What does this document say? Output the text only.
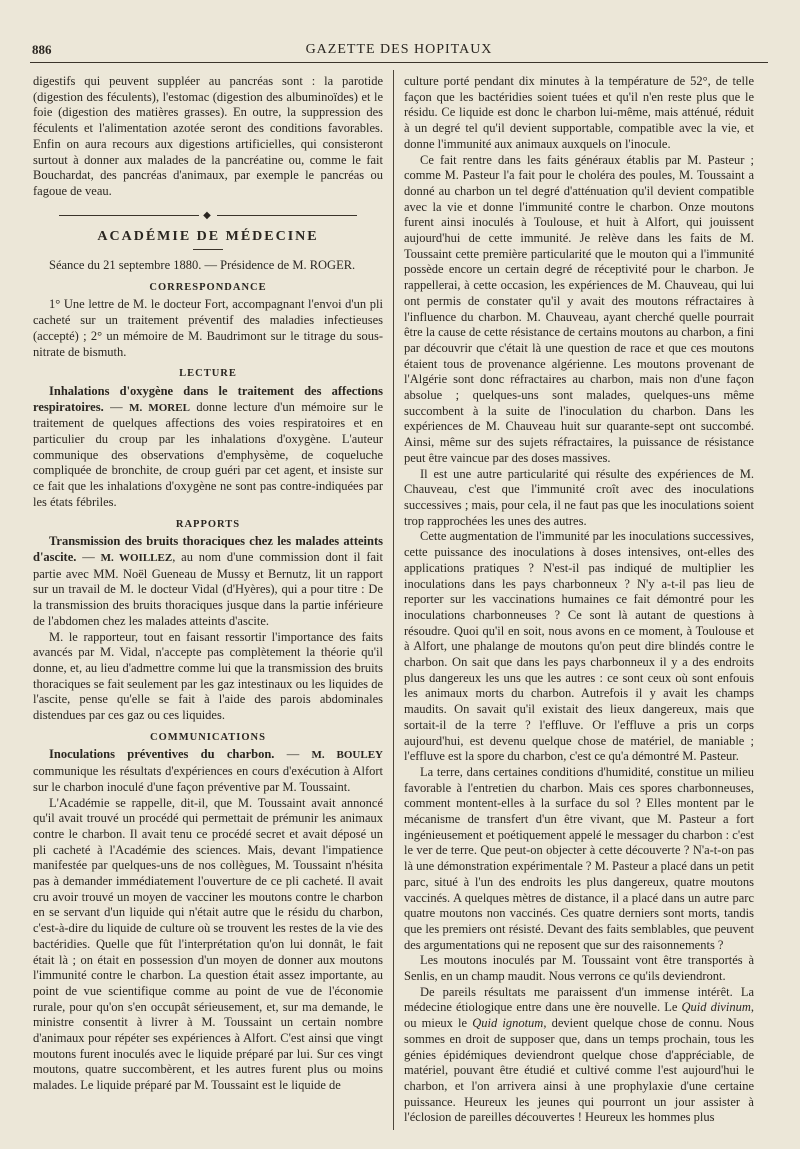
886	GAZETTE DES HOPITAUX

digestifs qui peuvent suppléer au pancréas sont : la parotide (digestion des féculents), l'estomac (digestion des albuminoïdes) et le foie (digestion des matières grasses). En outre, la suppression des féculents et l'alimentation azotée seront des conditions favorables. Enfin on aura recours aux digestions artificielles, qui consisteront surtout à donner aux malades de la pancréatine ou, comme le fait Bouchardat, des pancréas d'animaux, par exemple le pancréas ou fagoue de veau.

◆
ACADÉMIE DE MÉDECINE

Séance du 21 septembre 1880. — Présidence de M. ROGER.

CORRESPONDANCE

1° Une lettre de M. le docteur Fort, accompagnant l'envoi d'un pli cacheté sur un traitement préventif des maladies infectieuses (accepté) ; 2° un mémoire de M. Baudrimont sur le titrage du sous-nitrate de bismuth.

LECTURE

Inhalations d'oxygène dans le traitement des affections respiratoires. — M. MOREL donne lecture d'un mémoire sur le traitement de quelques affections des voies respiratoires et en particulier du croup par les inhalations d'oxygène. L'auteur communique des observations d'emphysème, de coqueluche compliquée de bronchite, de croup guéri par cet agent, et insiste sur ce fait que les inhalations d'oxygène ne sont pas contre-indiquées par les états fébriles.

RAPPORTS

Transmission des bruits thoraciques chez les malades atteints d'ascite. — M. WOILLEZ, au nom d'une commission dont il fait partie avec MM. Noël Gueneau de Mussy et Bernutz, lit un rapport sur un travail de M. le docteur Vidal (d'Hyères), qui a pour titre : De la transmission des bruits thoraciques jusque dans la partie inférieure de l'abdomen chez les malades atteints d'ascite.

M. le rapporteur, tout en faisant ressortir l'importance des faits avancés par M. Vidal, n'accepte pas complètement la théorie qu'il donne, et, au lieu d'admettre comme lui que la transmission des bruits thoraciques se fait seulement par les gaz intestinaux ou les liquides de l'ascite, pense qu'elle se fait à l'aide des parois abdominales distendues par ces gaz ou ces liquides.

COMMUNICATIONS

Inoculations préventives du charbon. — M. BOULEY communique les résultats d'expériences en cours d'exécution à Alfort sur le charbon inoculé d'une façon préventive par M. Toussaint.

L'Académie se rappelle, dit-il, que M. Toussaint avait annoncé qu'il avait trouvé un procédé qui permettait de prémunir les animaux contre le charbon. Il avait tenu ce procédé secret et avait déposé un pli cacheté à l'Académie des sciences. Mais, devant l'impatience manifestée par quelques-uns de nos collègues, M. Toussaint n'hésita pas à demander immédiatement l'ouverture de ce pli cacheté. Il avait cru avoir trouvé un moyen de vacciner les moutons contre le charbon en se servant d'un liquide qui n'était autre que le résidu du charbon, c'est-à-dire du liquide de culture où se trouvent les restes de la vie des bactéridies. Quelle que fût l'interprétation qu'on lui donnât, le fait était là ; on était en possession d'un moyen de donner aux moutons l'immunité contre le charbon. La question était assez importante, au point de vue scientifique comme au point de vue de l'économie rurale, pour qu'on s'en occupât sérieusement, et, sur ma demande, le ministre consentit à livrer à M. Toussaint un certain nombre d'animaux pour répéter ses expériences à Alfort. C'est ainsi que vingt moutons furent inoculés avec le liquide préparé par lui. Sur ces vingt moutons, quatre succombèrent, et les autres furent plus ou moins malades. Le liquide préparé par M. Toussaint est le liquide de

culture porté pendant dix minutes à la température de 52°, de telle façon que les bactéridies soient tuées et qu'il n'en reste plus que le résidu. Ce liquide est donc le charbon lui-même, mais atténué, réduit à un degré tel qu'il devient supportable, compatible avec la vie, et donne l'immunité aux animaux auxquels on l'inocule.

Ce fait rentre dans les faits généraux établis par M. Pasteur ; comme M. Pasteur l'a fait pour le choléra des poules, M. Toussaint a donné au charbon un tel degré d'atténuation qu'il devient compatible avec la vie et donne l'immunité contre le charbon. Onze moutons furent ainsi inoculés à Toulouse, et huit à Alfort, qui jouissent aujourd'hui de cette immunité. Je relève dans les faits de M. Toussaint cette première particularité que le mouton qui a l'immunité possède encore un certain degré de réceptivité pour le charbon. Je rappellerai, à cette occasion, les expériences de M. Chauveau, qui lui ont permis de constater qu'il y avait des moutons réfractaires à l'influence du charbon. M. Chauveau, ayant cherché quelle pourrait être la cause de cette résistance de certains moutons au charbon, a fini par découvrir que c'était là une question de race et que ces moutons étaient tous de provenance algérienne. Les moutons provenant de l'Algérie sont donc réfractaires au charbon, mais non d'une façon absolue ; quelques-uns sont malades, quelques-uns même succombent à la suite de l'inoculation du charbon. Dans les expériences de M. Chauveau huit sur quarante-sept ont succombé. Ainsi, même sur des sujets réfractaires, la puissance de résistance peut être vaincue par des doses massives.

Il est une autre particularité qui résulte des expériences de M. Chauveau, c'est que l'immunité croît avec des inoculations successives ; mais, pour cela, il ne faut pas que les inoculations soient trop rapprochées les unes des autres.

Cette augmentation de l'immunité par les inoculations successives, cette puissance des inoculations à doses intensives, ont-elles des applications pratiques ? N'est-il pas indiqué de multiplier les inoculations dans les pays charbonneux ? N'y a-t-il pas lieu de reporter sur les vaccinations humaines ce fait démontré pour les inoculations charbonneuses ? Ce sont là autant de questions à résoudre. Quoi qu'il en soit, nous avons en ce moment, à Toulouse et à Alfort, une phalange de moutons qu'on peut dire blindés contre le charbon. On sait que dans les pays charbonneux il y a des endroits plus dangereux les uns que les autres : ce sont ceux où sont enfouis les animaux morts du charbon. Autrefois il y avait les champs maudits. On savait qu'il existait des lieux dangereux, mais que sortait-il de la terre ? l'effluve. Or l'effluve a pris un corps aujourd'hui, est devenu quelque chose de matériel, de maniable ; l'effluve est la spore du charbon, c'est ce qu'a démontré M. Pasteur.

La terre, dans certaines conditions d'humidité, constitue un milieu favorable à l'entretien du charbon. Mais ces spores charbonneuses, comment montent-elles à la surface du sol ? Elles montent par le mécanisme de transfert d'un être vivant, que M. Pasteur a fort ingénieusement et poétiquement appelé le messager du charbon : c'est le ver de terre. Que peut-on objecter à cette découverte ? N'a-t-on pas là une démonstration expérimentale ? M. Pasteur a placé dans un petit parc, situé à l'un des endroits les plus dangereux, quatre moutons vaccinés. A quelques mètres de distance, il a placé dans un autre parc quatre moutons non vaccinés. Ces quatre derniers sont morts, tandis que les premiers ont résisté. Devant des faits semblables, que peuvent des argumentations qui ne reposent que sur des raisonnements ?

Les moutons inoculés par M. Toussaint vont être transportés à Senlis, en un champ maudit. Nous verrons ce qu'ils deviendront.

De pareils résultats me paraissent d'un immense intérêt. La médecine étiologique entre dans une ère nouvelle. Le Quid divinum, ou mieux le Quid ignotum, devient quelque chose de connu. Nous sommes en droit de supposer que, dans un temps prochain, tous les génies épidémiques deviendront quelque chose d'appréciable, de matériel, pouvant être étudié et cultivé comme l'est aujourd'hui le charbon, et l'on arrivera ainsi à une prophylaxie d'une certaine puissance. Heureux les jeunes qui pourront un jour assister à l'éclosion de pareilles découvertes ! Heureux les hommes plus
